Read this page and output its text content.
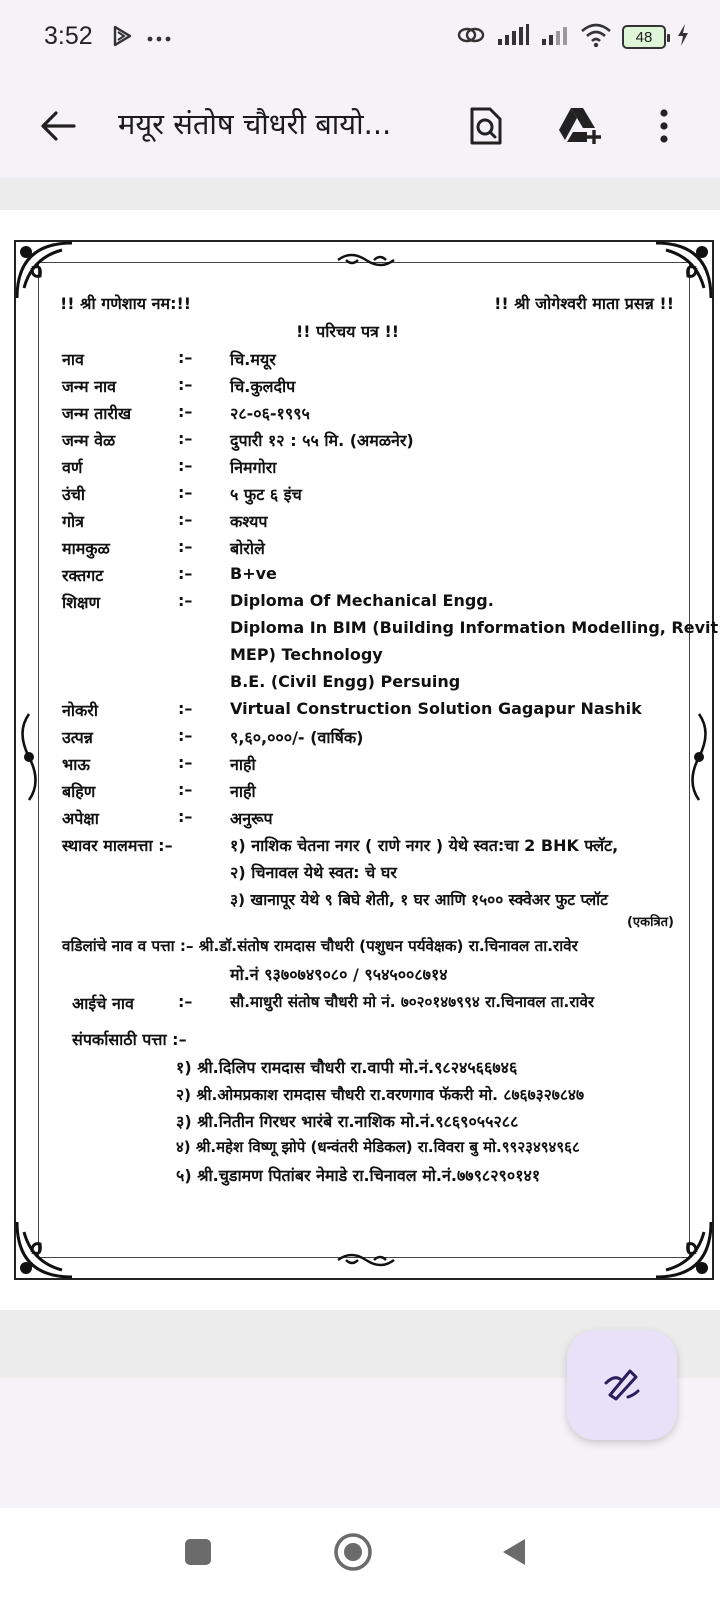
3:52	48
मयूर संतोष चौधरी बायो...
!! श्री गणेशाय नम:!!	!! श्री जोगेश्वरी माता प्रसन्न !!
!! परिचय पत्र !!
नाव	:– चि.मयूर
जन्म नाव	:– चि.कुलदीप
जन्म तारीख	:– २८-०६-१९९५
जन्म वेळ	:– दुपारी १२ : ५५ मि. (अमळनेर)
वर्ण	:– निमगोरा
उंची	:– ५ फुट ६ इंच
गोत्र	:– कश्यप
मामकुळ	:– बोरोले
रक्तगट	:– B+ve
शिक्षण	:– Diploma Of Mechanical Engg.
Diploma In BIM (Building Information Modelling, Revit
MEP) Technology
B.E. (Civil Engg) Persuing
नोकरी	:– Virtual Construction Solution Gagapur Nashik
उत्पन्न	:– ९,६०,०००/- (वार्षिक)
भाऊ	:– नाही
बहिण	:– नाही
अपेक्षा	:– अनुरूप
स्थावर मालमत्ता :–	१) नाशिक चेतना नगर ( राणे नगर ) येथे स्वत:चा 2 BHK फ्लॅट,
२) चिनावल येथे स्वत: चे घर
३) खानापूर येथे ९ बिघे शेती, १ घर आणि १५०० स्क्वेअर फुट प्लॉट
(एकत्रित)
वडिलांचे नाव व पत्ता :– श्री.डॉ.संतोष रामदास चौधरी (पशुधन पर्यवेक्षक) रा.चिनावल ता.रावेर
मो.नं ९३७०७४९०८० / ९५४५००८७१४
आईचे नाव	:– सौ.माधुरी संतोष चौधरी मो नं. ७०२०१४७९९४ रा.चिनावल ता.रावेर
संपर्कासाठी पत्ता :–
१) श्री.दिलिप रामदास चौधरी रा.वापी मो.नं.९८२४५६६७४६
२) श्री.ओमप्रकाश रामदास चौधरी रा.वरणगाव फॅकरी मो. ८७६७३२७८४७
३) श्री.नितीन गिरधर भारंबे रा.नाशिक मो.नं.९८६९०५५२८८
४) श्री.महेश विष्णू झोपे (धन्वंतरी मेडिकल) रा.विवरा बु मो.९९२३४९४९६८
५) श्री.चुडामण पितांबर नेमाडे रा.चिनावल मो.नं.७७९८२९०१४१
